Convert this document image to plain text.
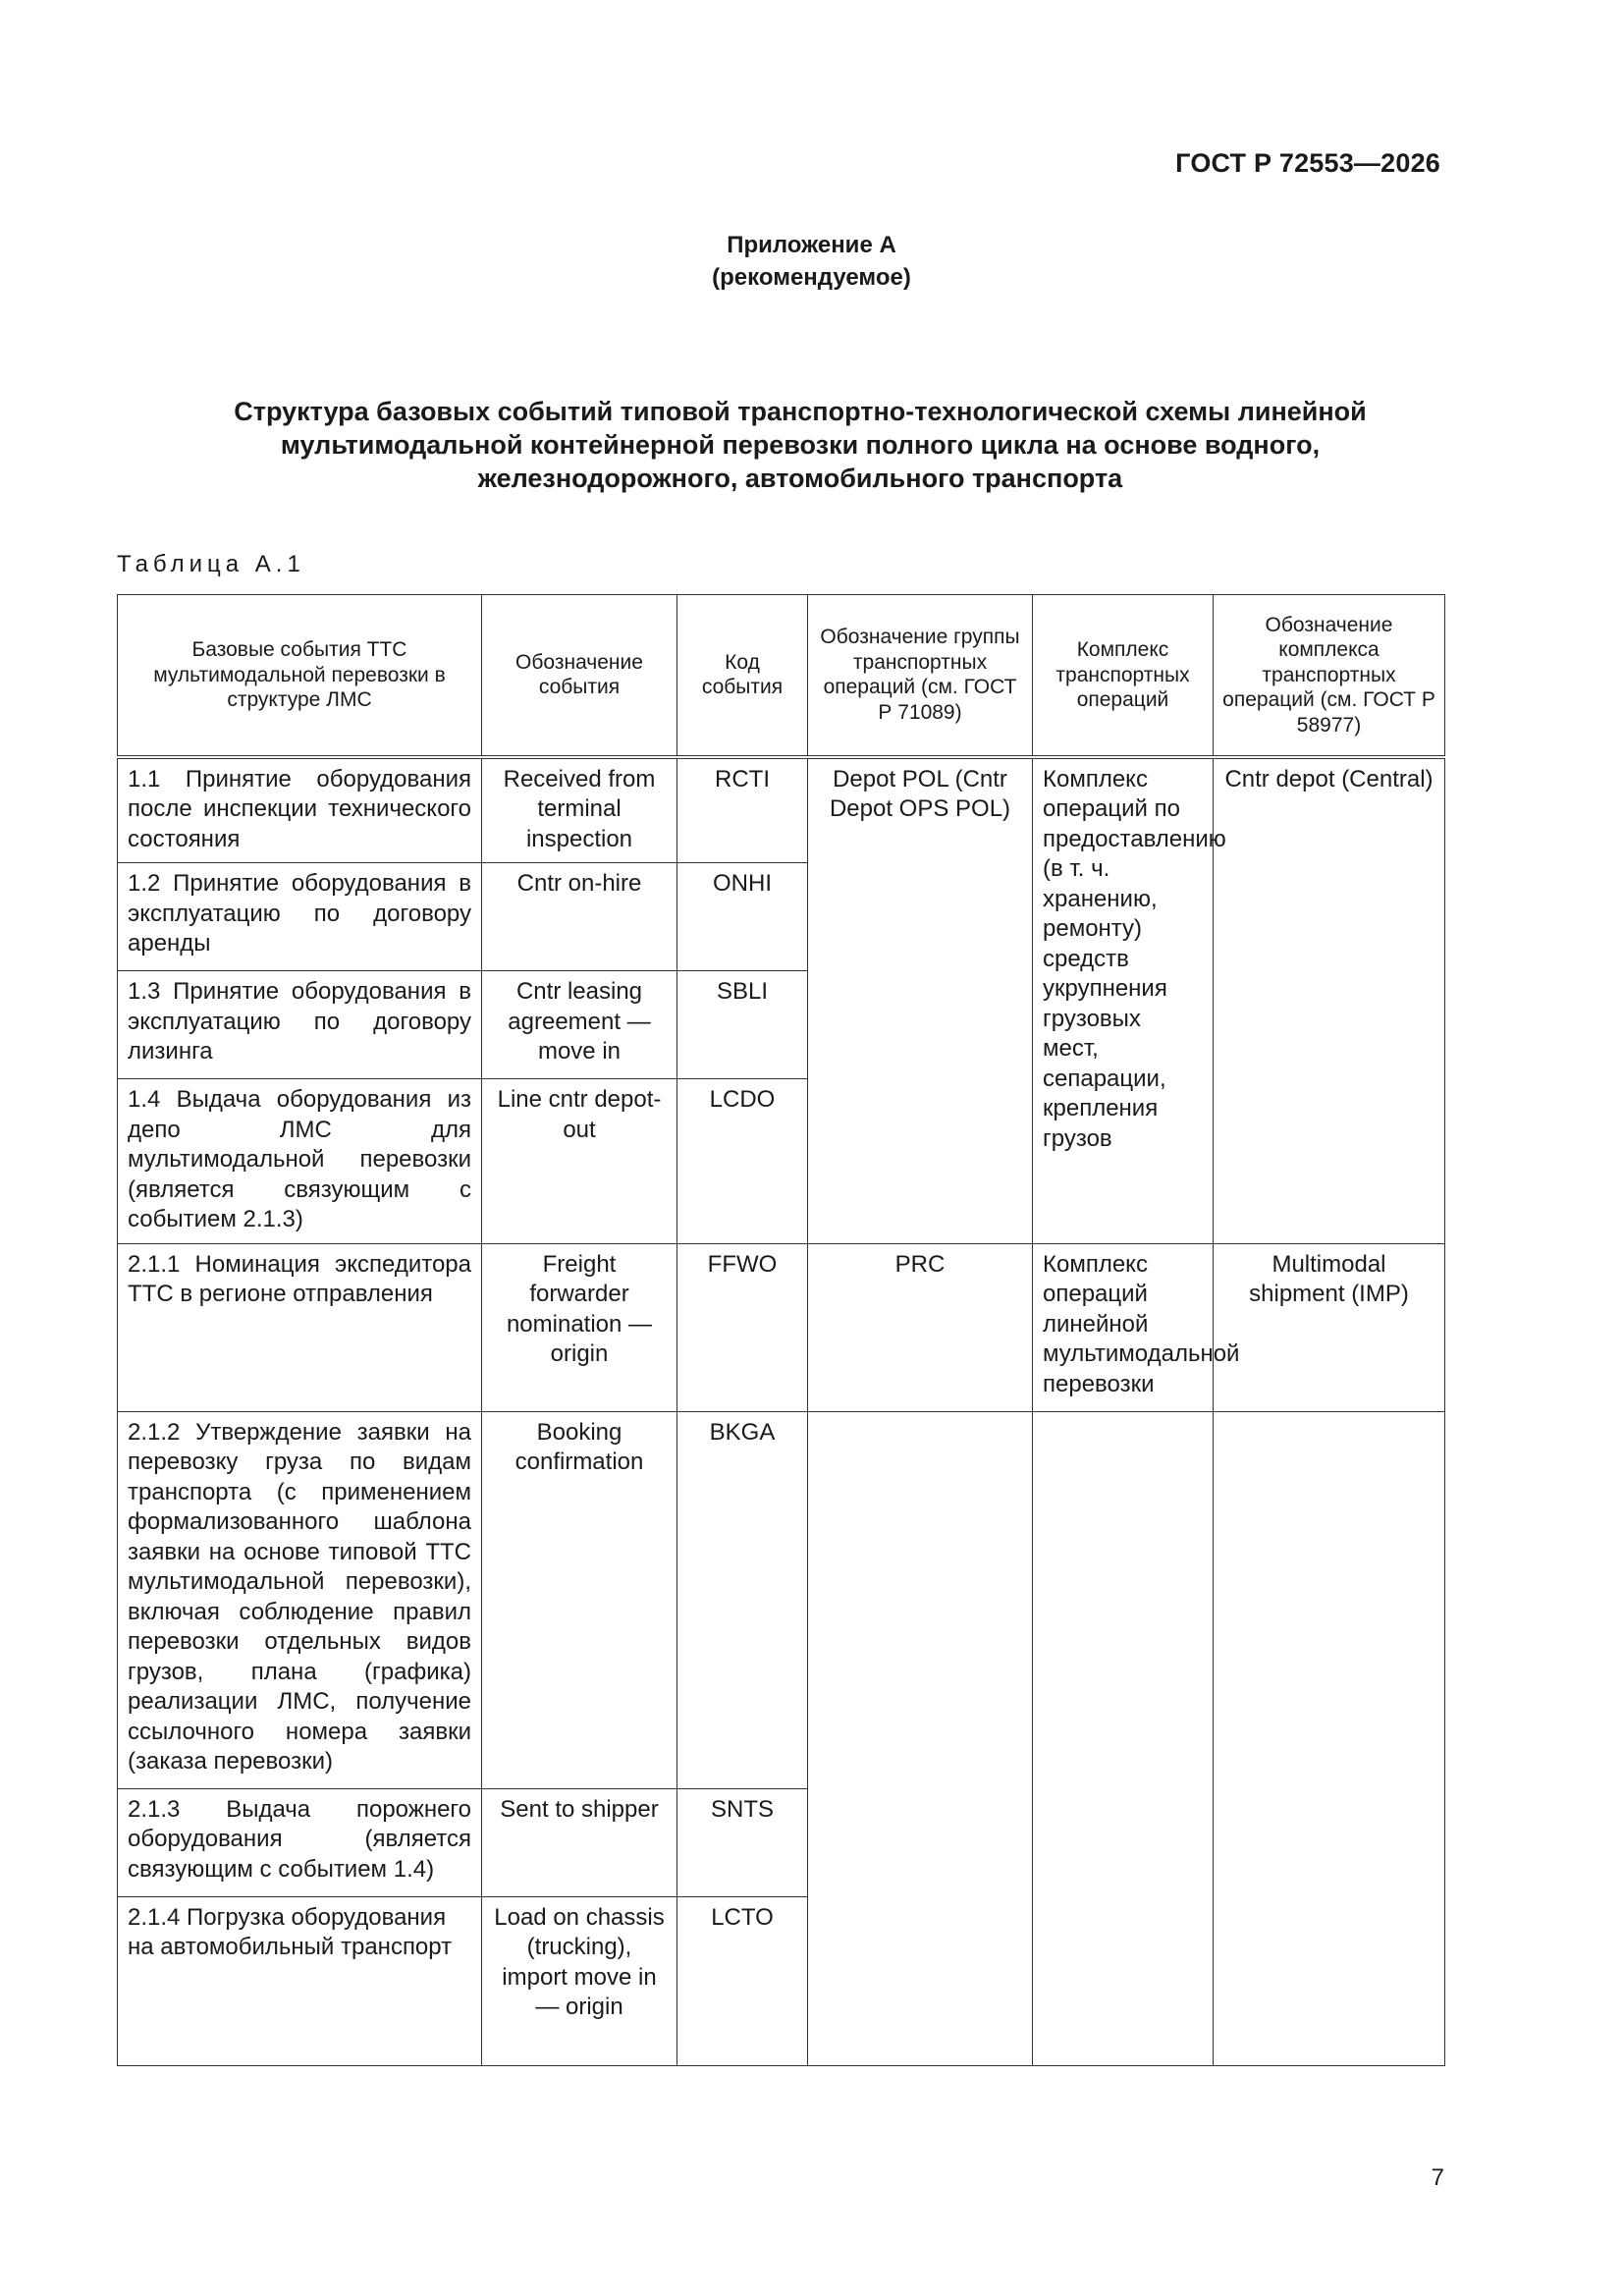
ГОСТ Р 72553—2026
Приложение А
(рекомендуемое)
Структура базовых событий типовой транспортно-технологической схемы линейной
мультимодальной контейнерной перевозки полного цикла на основе водного,
железнодорожного, автомобильного транспорта
Таблица А.1
Базовые события ТТС мультимодальной перевозки в структуре ЛМС	Обозначение события	Код события	Обозначение группы транспортных операций (см. ГОСТ Р 71089)	Комплекс транспортных операций	Обозначение комплекса транспортных операций (см. ГОСТ Р 58977)
1.1 Принятие оборудования после инспекции технического состояния	Received from terminal inspection	RCTI	Depot POL (Cntr Depot OPS POL)	Комплекс операций по предоставлению (в т. ч. хранению, ремонту) средств укрупнения грузовых мест, сепарации, крепления грузов	Cntr depot (Central)
1.2 Принятие оборудования в эксплуатацию по договору аренды	Cntr on-hire	ONHI			
1.3 Принятие оборудования в эксплуатацию по договору лизинга	Cntr leasing agreement — move in	SBLI			
1.4 Выдача оборудования из депо ЛМС для мультимодальной перевозки (является связующим с событием 2.1.3)	Line cntr depot-out	LCDO			
2.1.1 Номинация экспедитора ТТС в регионе отправления	Freight forwarder nomination — origin	FFWO	PRC	Комплекс операций линейной мультимодальной перевозки	Multimodal shipment (IMP)
2.1.2 Утверждение заявки на перевозку груза по видам транспорта (с применением формализованного шаблона заявки на основе типовой ТТС мультимодальной перевозки), включая соблюдение правил перевозки отдельных видов грузов, плана (графика) реализации ЛМС, получение ссылочного номера заявки (заказа перевозки)	Booking confirmation	BKGA			
2.1.3 Выдача порожнего оборудования (является связующим с событием 1.4)	Sent to shipper	SNTS			
2.1.4 Погрузка оборудования на автомобильный транспорт	Load on chassis (trucking), import move in — origin	LCTO			
7
